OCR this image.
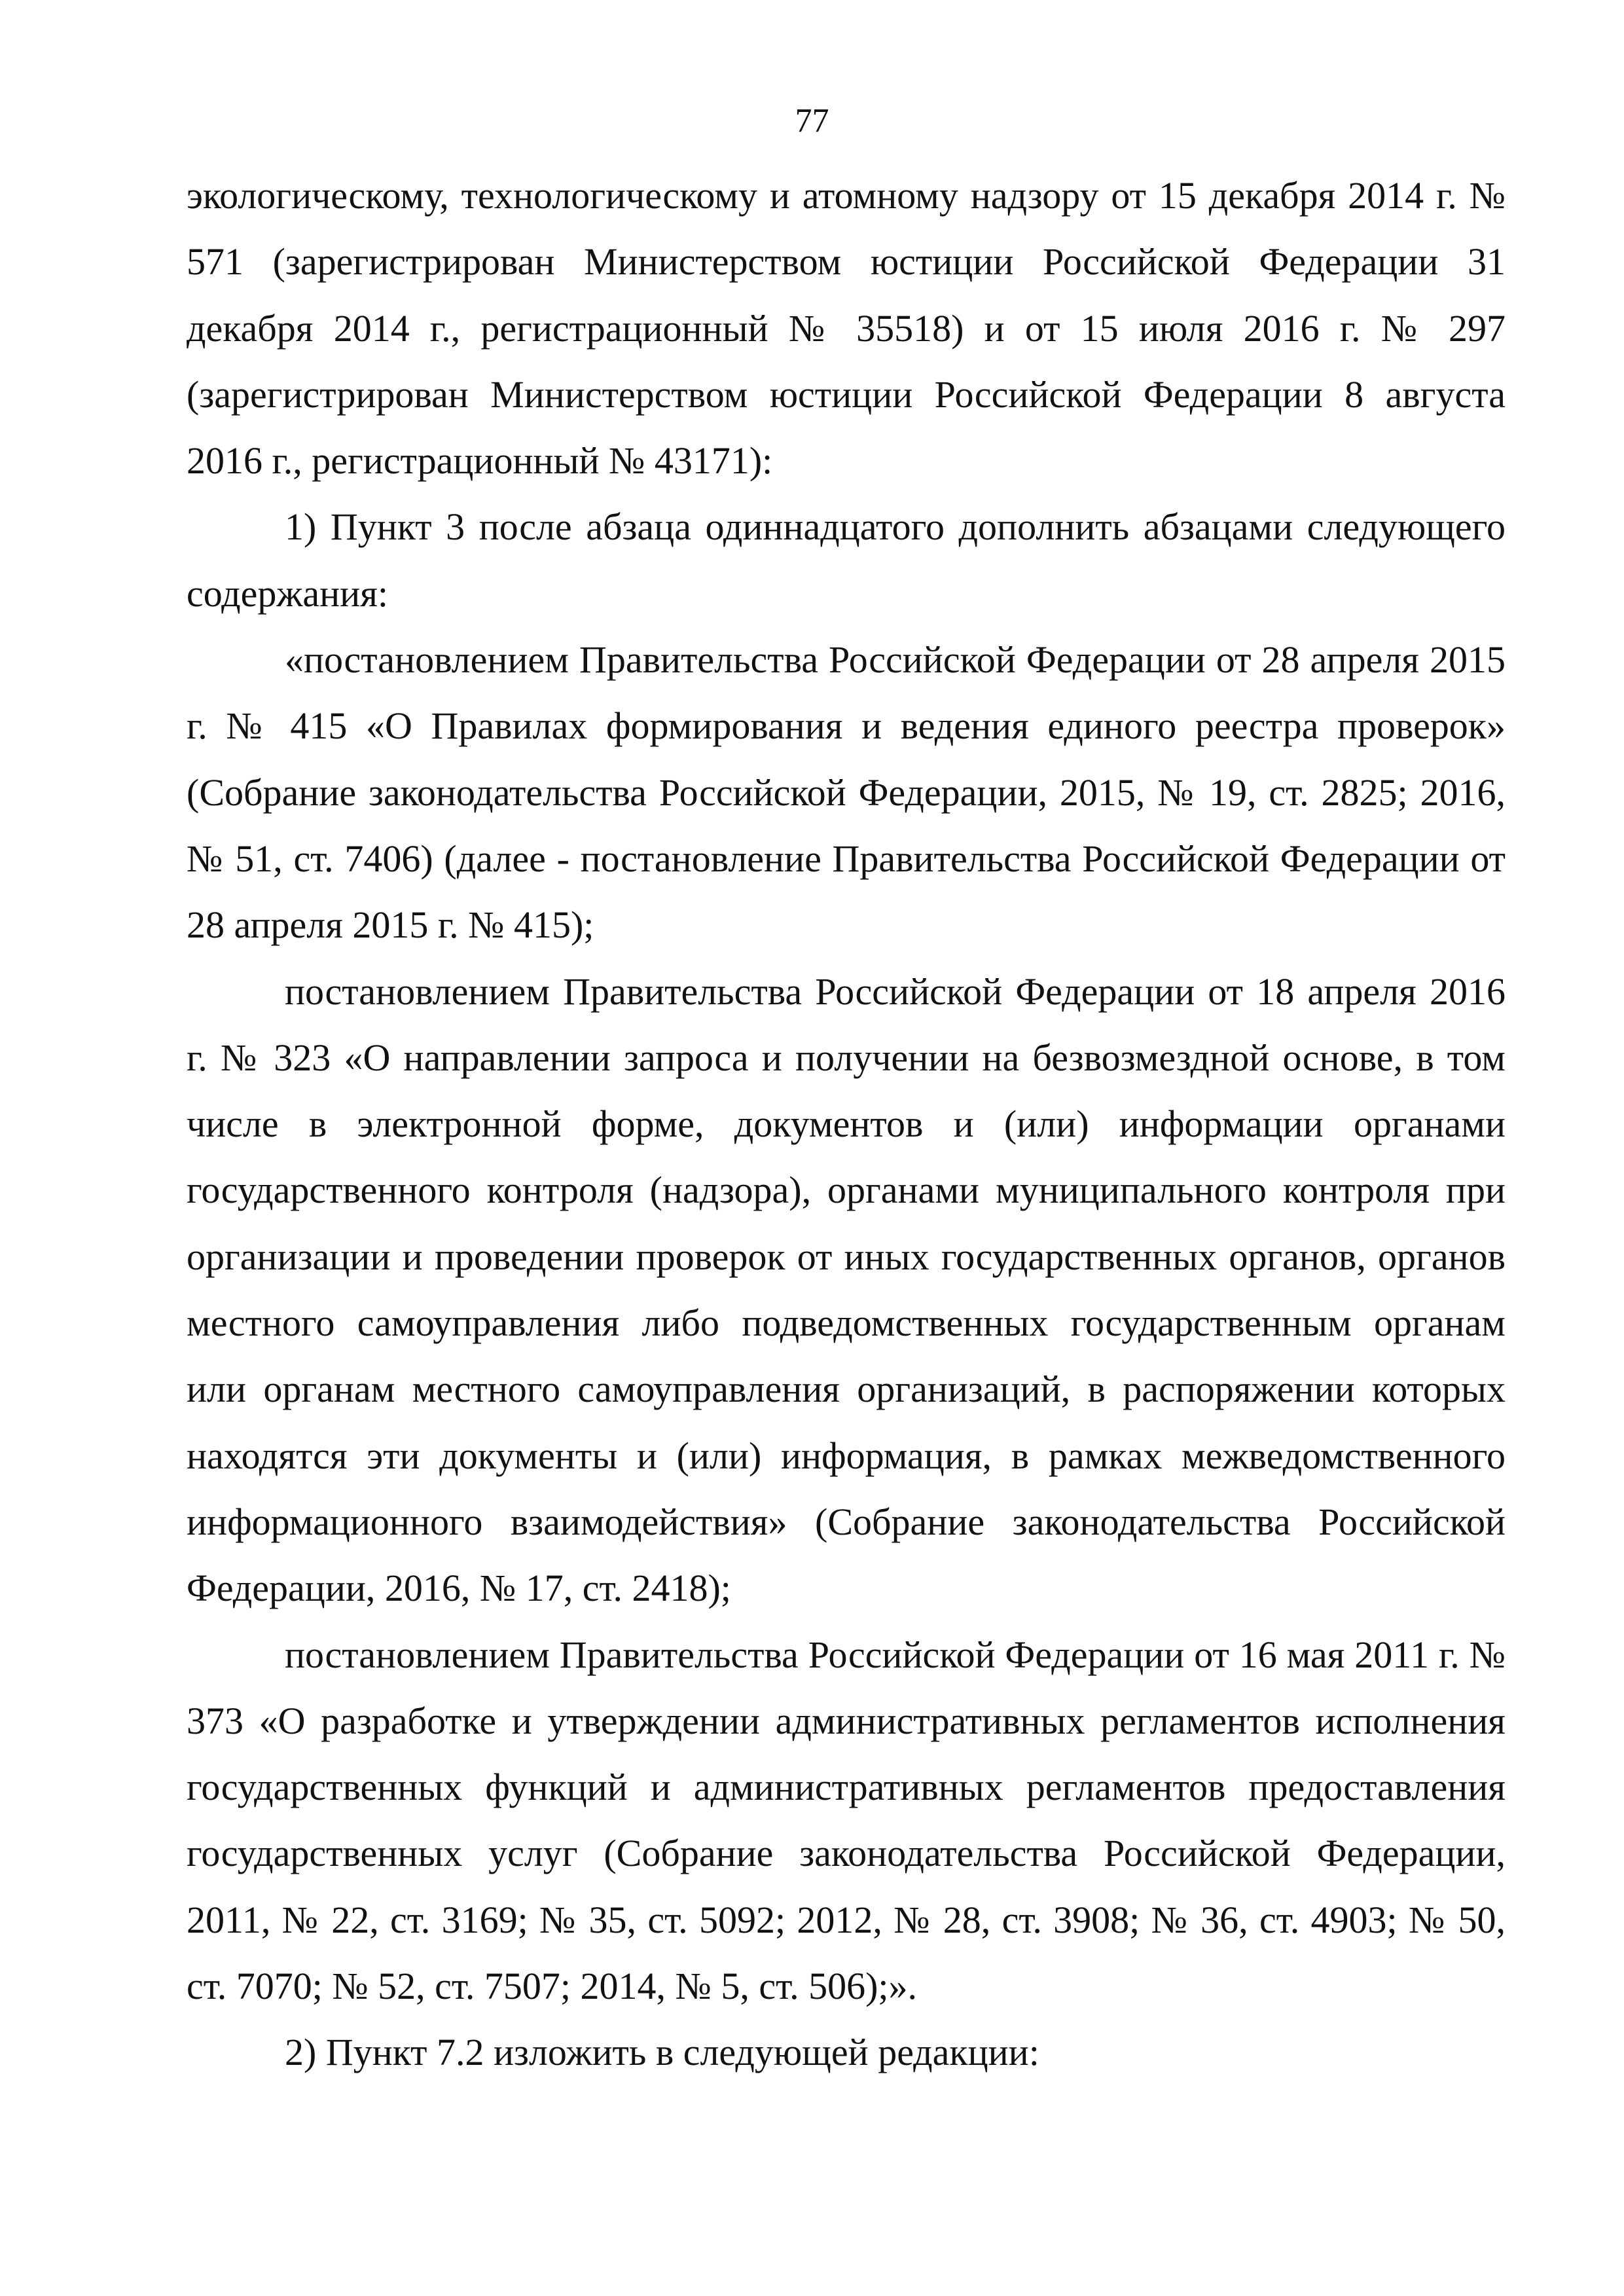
77

экологическому, технологическому и атомному надзору от 15 декабря 2014 г. № 571 (зарегистрирован Министерством юстиции Российской Федерации 31 декабря 2014 г., регистрационный № 35518) и от 15 июля 2016 г. № 297 (зарегистрирован Министерством юстиции Российской Федерации 8 августа 2016 г., регистрационный № 43171):

1) Пункт 3 после абзаца одиннадцатого дополнить абзацами следующего содержания:

«постановлением Правительства Российской Федерации от 28 апреля 2015 г. № 415 «О Правилах формирования и ведения единого реестра проверок» (Собрание законодательства Российской Федерации, 2015, № 19, ст. 2825; 2016, № 51, ст. 7406) (далее - постановление Правительства Российской Федерации от 28 апреля 2015 г. № 415);

постановлением Правительства Российской Федерации от 18 апреля 2016 г. № 323 «О направлении запроса и получении на безвозмездной основе, в том числе в электронной форме, документов и (или) информации органами государственного контроля (надзора), органами муниципального контроля при организации и проведении проверок от иных государственных органов, органов местного самоуправления либо подведомственных государственным органам или органам местного самоуправления организаций, в распоряжении которых находятся эти документы и (или) информация, в рамках межведомственного информационного взаимодействия» (Собрание законодательства Российской Федерации, 2016, № 17, ст. 2418);

постановлением Правительства Российской Федерации от 16 мая 2011 г. № 373 «О разработке и утверждении административных регламентов исполнения государственных функций и административных регламентов предоставления государственных услуг (Собрание законодательства Российской Федерации, 2011, № 22, ст. 3169; № 35, ст. 5092; 2012, № 28, ст. 3908; № 36, ст. 4903; № 50, ст. 7070; № 52, ст. 7507; 2014, № 5, ст. 506);».

2) Пункт 7.2 изложить в следующей редакции:
